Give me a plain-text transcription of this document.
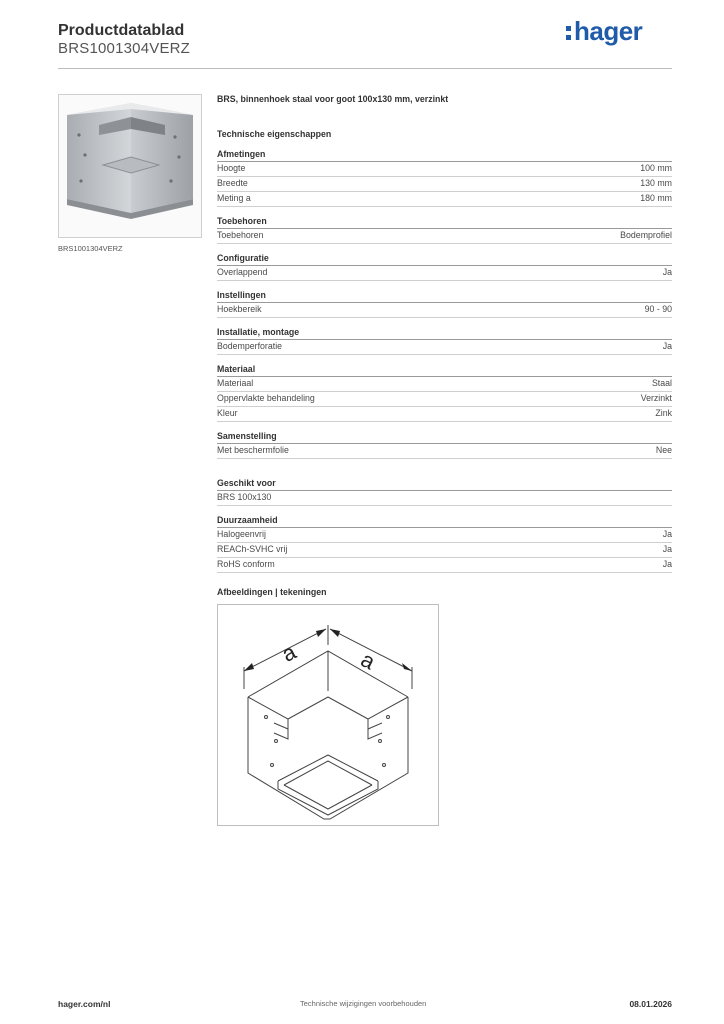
Productdatablad
BRS1001304VERZ
hager
BRS1001304VERZ
BRS, binnenhoek staal voor goot 100x130 mm, verzinkt
Technische eigenschappen
Afmetingen
Hoogte	100 mm
Breedte	130 mm
Meting a	180 mm
Toebehoren
Toebehoren	Bodemprofiel
Configuratie
Overlappend	Ja
Instellingen
Hoekbereik	90 - 90
Installatie, montage
Bodemperforatie	Ja
Materiaal
Materiaal	Staal
Oppervlakte behandeling	Verzinkt
Kleur	Zink
Samenstelling
Met beschermfolie	Nee
Geschikt voor
BRS 100x130
Duurzaamheid
Halogeenvrij	Ja
REACh-SVHC vrij	Ja
RoHS conform	Ja
Afbeeldingen | tekeningen
a	a
hager.com/nl	Technische wijzigingen voorbehouden	08.01.2026
